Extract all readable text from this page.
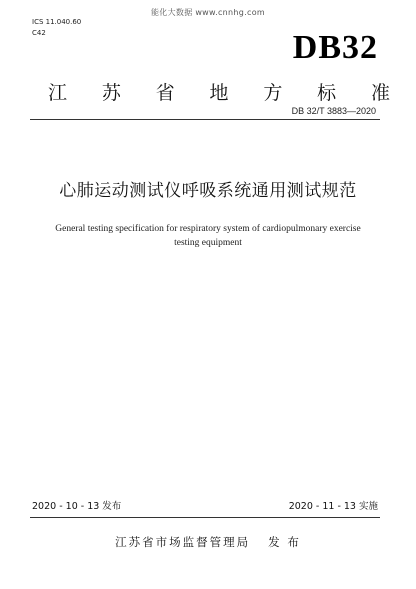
能化大数据 www.cnnhg.com
ICS 11.040.60
C42	DB32
江 苏 省 地 方 标 准
DB 32/T 3883—2020
心肺运动测试仪呼吸系统通用测试规范
General testing specification for respiratory system of cardiopulmonary exercise
testing equipment
2020 - 10 - 13 发布	2020 - 11 - 13 实施
江苏省市场监督管理局 发 布
